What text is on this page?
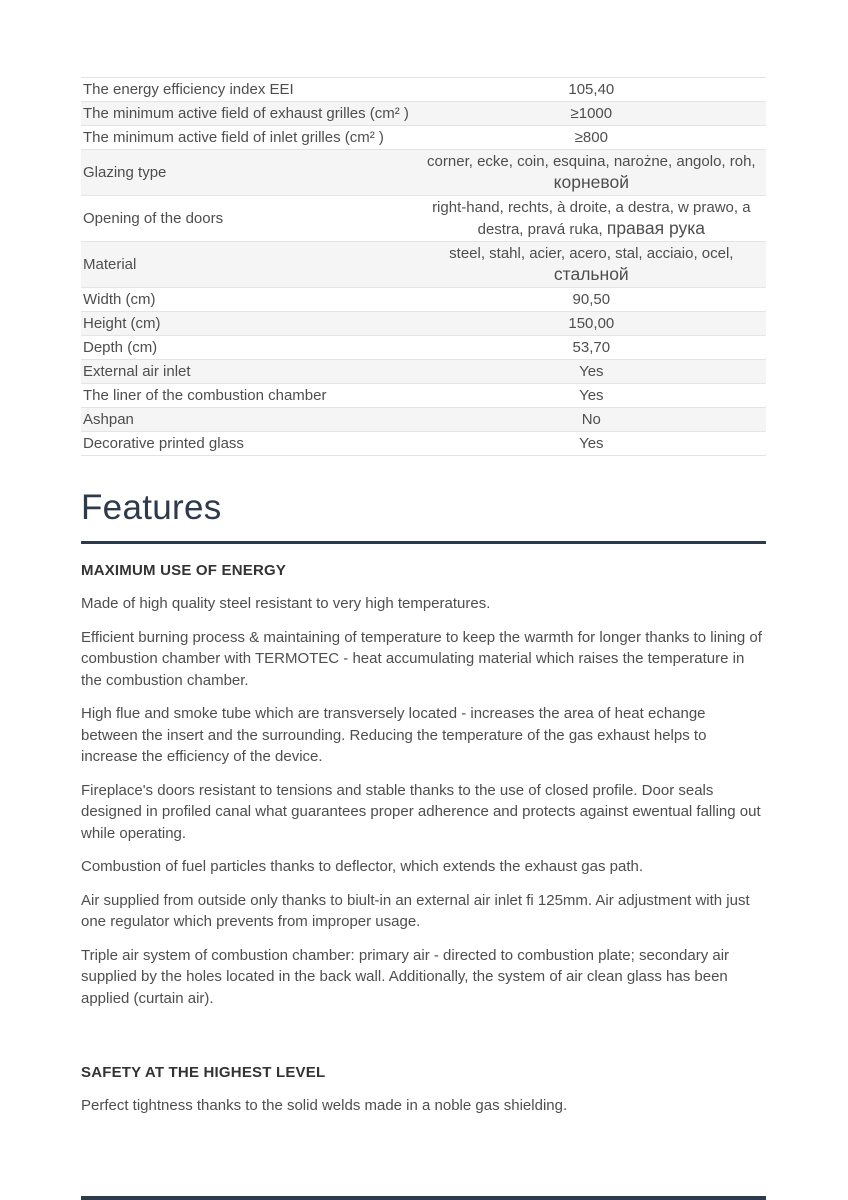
The energy efficiency index EEI	105,40
The minimum active field of exhaust grilles (cm² )	≥1000
The minimum active field of inlet grilles (cm² )	≥800
Glazing type	corner, ecke, coin, esquina, narożne, angolo, roh, корневой
Opening of the doors	right-hand, rechts, à droite, a destra, w prawo, a destra, pravá ruka, правая рука
Material	steel, stahl, acier, acero, stal, acciaio, ocel, стальной
Width (cm)	90,50
Height (cm)	150,00
Depth (cm)	53,70
External air inlet	Yes
The liner of the combustion chamber	Yes
Ashpan	No
Decorative printed glass	Yes
Features
MAXIMUM USE OF ENERGY

Made of high quality steel resistant to very high temperatures.

Efficient burning process & maintaining of temperature to keep the warmth for longer thanks to lining of combustion chamber with TERMOTEC - heat accumulating material which raises the temperature in the combustion chamber.

High flue and smoke tube which are transversely located - increases the area of heat echange between the insert and the surrounding. Reducing the temperature of the gas exhaust helps to increase the efficiency of the device.

Fireplace's doors resistant to tensions and stable thanks to the use of closed profile. Door seals designed in profiled canal what guarantees proper adherence and protects against ewentual falling out while operating.

Combustion of fuel particles thanks to deflector, which extends the exhaust gas path.

Air supplied from outside only thanks to biult-in an external air inlet fi 125mm. Air adjustment with just one regulator which prevents from improper usage.

Triple air system of combustion chamber: primary air - directed to combustion plate; secondary air supplied by the holes located in the back wall. Additionally, the system of air clean glass has been applied (curtain air).

SAFETY AT THE HIGHEST LEVEL

Perfect tightness thanks to the solid welds made in a noble gas shielding.
